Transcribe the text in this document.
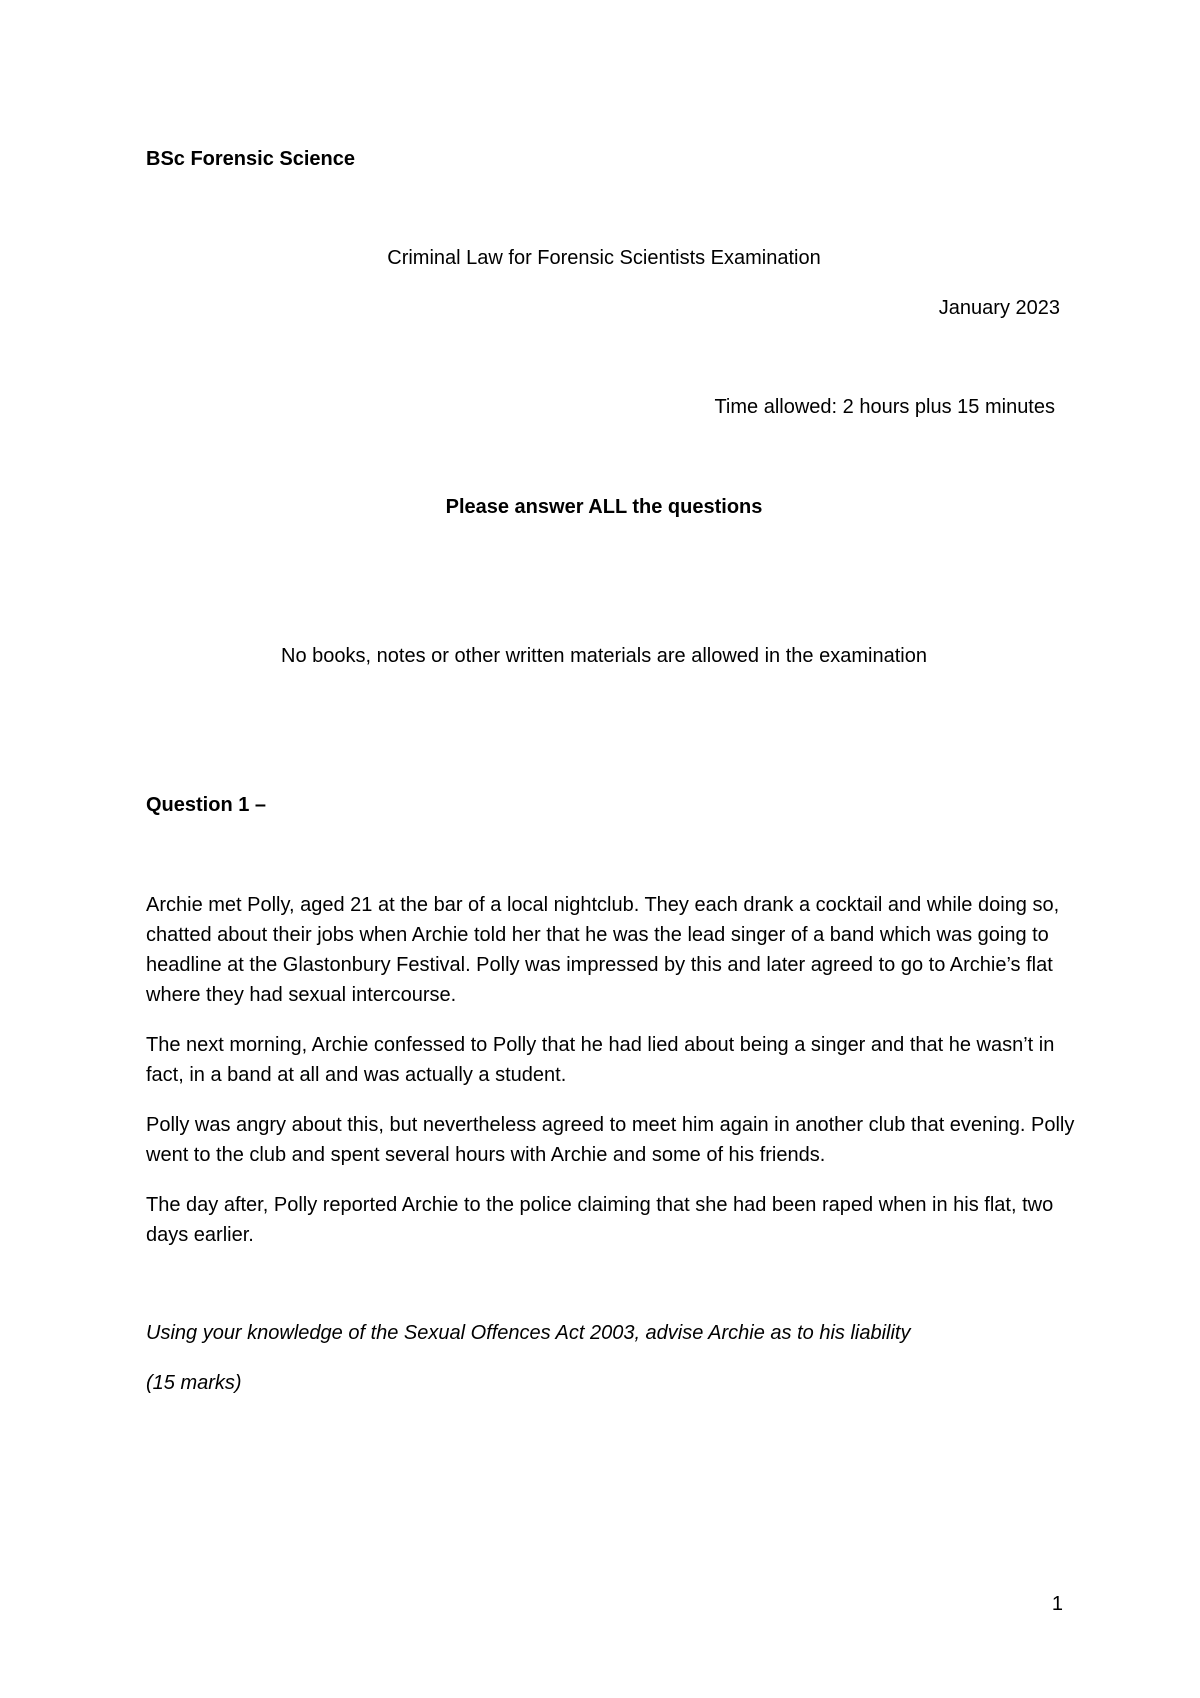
BSc Forensic Science
Criminal Law for Forensic Scientists Examination
January 2023
Time allowed: 2 hours plus 15 minutes
Please answer ALL the questions
No books, notes or other written materials are allowed in the examination
Question 1 –

Archie met Polly, aged 21 at the bar of a local nightclub. They each drank a cocktail and while doing so, chatted about their jobs when Archie told her that he was the lead singer of a band which was going to headline at the Glastonbury Festival. Polly was impressed by this and later agreed to go to Archie’s flat where they had sexual intercourse.

The next morning, Archie confessed to Polly that he had lied about being a singer and that he wasn’t in fact, in a band at all and was actually a student.

Polly was angry about this, but nevertheless agreed to meet him again in another club that evening. Polly went to the club and spent several hours with Archie and some of his friends.

The day after, Polly reported Archie to the police claiming that she had been raped when in his flat, two days earlier.

Using your knowledge of the Sexual Offences Act 2003, advise Archie as to his liability
(15 marks)
1
